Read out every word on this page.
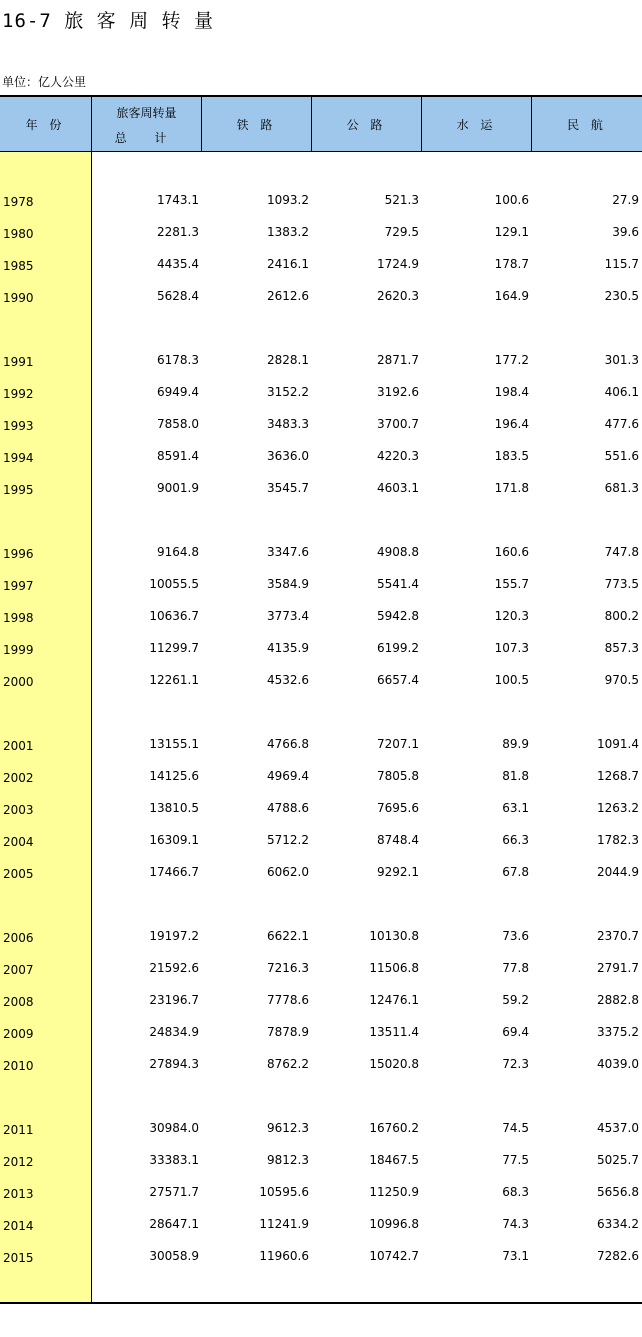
16-7 旅 客 周 转 量
单位：亿人公里
年 份
旅客周转量
总 计
铁 路	公 路	水 运	民 航
1978	1743.1	1093.2	521.3	100.6	27.9
1980	2281.3	1383.2	729.5	129.1	39.6
1985	4435.4	2416.1	1724.9	178.7	115.7
1990	5628.4	2612.6	2620.3	164.9	230.5
1991	6178.3	2828.1	2871.7	177.2	301.3
1992	6949.4	3152.2	3192.6	198.4	406.1
1993	7858.0	3483.3	3700.7	196.4	477.6
1994	8591.4	3636.0	4220.3	183.5	551.6
1995	9001.9	3545.7	4603.1	171.8	681.3
1996	9164.8	3347.6	4908.8	160.6	747.8
1997	10055.5	3584.9	5541.4	155.7	773.5
1998	10636.7	3773.4	5942.8	120.3	800.2
1999	11299.7	4135.9	6199.2	107.3	857.3
2000	12261.1	4532.6	6657.4	100.5	970.5
2001	13155.1	4766.8	7207.1	89.9	1091.4
2002	14125.6	4969.4	7805.8	81.8	1268.7
2003	13810.5	4788.6	7695.6	63.1	1263.2
2004	16309.1	5712.2	8748.4	66.3	1782.3
2005	17466.7	6062.0	9292.1	67.8	2044.9
2006	19197.2	6622.1	10130.8	73.6	2370.7
2007	21592.6	7216.3	11506.8	77.8	2791.7
2008	23196.7	7778.6	12476.1	59.2	2882.8
2009	24834.9	7878.9	13511.4	69.4	3375.2
2010	27894.3	8762.2	15020.8	72.3	4039.0
2011	30984.0	9612.3	16760.2	74.5	4537.0
2012	33383.1	9812.3	18467.5	77.5	5025.7
2013	27571.7	10595.6	11250.9	68.3	5656.8
2014	28647.1	11241.9	10996.8	74.3	6334.2
2015	30058.9	11960.6	10742.7	73.1	7282.6
